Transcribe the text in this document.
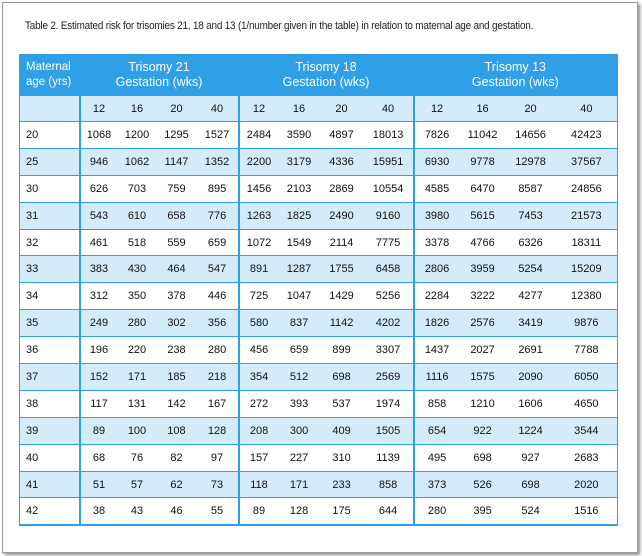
Table 2. Estimated risk for trisomies 21, 18 and 13 (1/number given in the table) in relation to maternal age and gestation.
Maternal
age (yrs)	Trisomy 21
Gestation (wks)				Trisomy 18
Gestation (wks)				Trisomy 13
Gestation (wks)			
	12	16	20	40	12	16	20	40	12	16	20	40
20	1068	1200	1295	1527	2484	3590	4897	18013	7826	11042	14656	42423
25	946	1062	1147	1352	2200	3179	4336	15951	6930	9778	12978	37567
30	626	703	759	895	1456	2103	2869	10554	4585	6470	8587	24856
31	543	610	658	776	1263	1825	2490	9160	3980	5615	7453	21573
32	461	518	559	659	1072	1549	2114	7775	3378	4766	6326	18311
33	383	430	464	547	891	1287	1755	6458	2806	3959	5254	15209
34	312	350	378	446	725	1047	1429	5256	2284	3222	4277	12380
35	249	280	302	356	580	837	1142	4202	1826	2576	3419	9876
36	196	220	238	280	456	659	899	3307	1437	2027	2691	7788
37	152	171	185	218	354	512	698	2569	1116	1575	2090	6050
38	117	131	142	167	272	393	537	1974	858	1210	1606	4650
39	89	100	108	128	208	300	409	1505	654	922	1224	3544
40	68	76	82	97	157	227	310	1139	495	698	927	2683
41	51	57	62	73	118	171	233	858	373	526	698	2020
42	38	43	46	55	89	128	175	644	280	395	524	1516
